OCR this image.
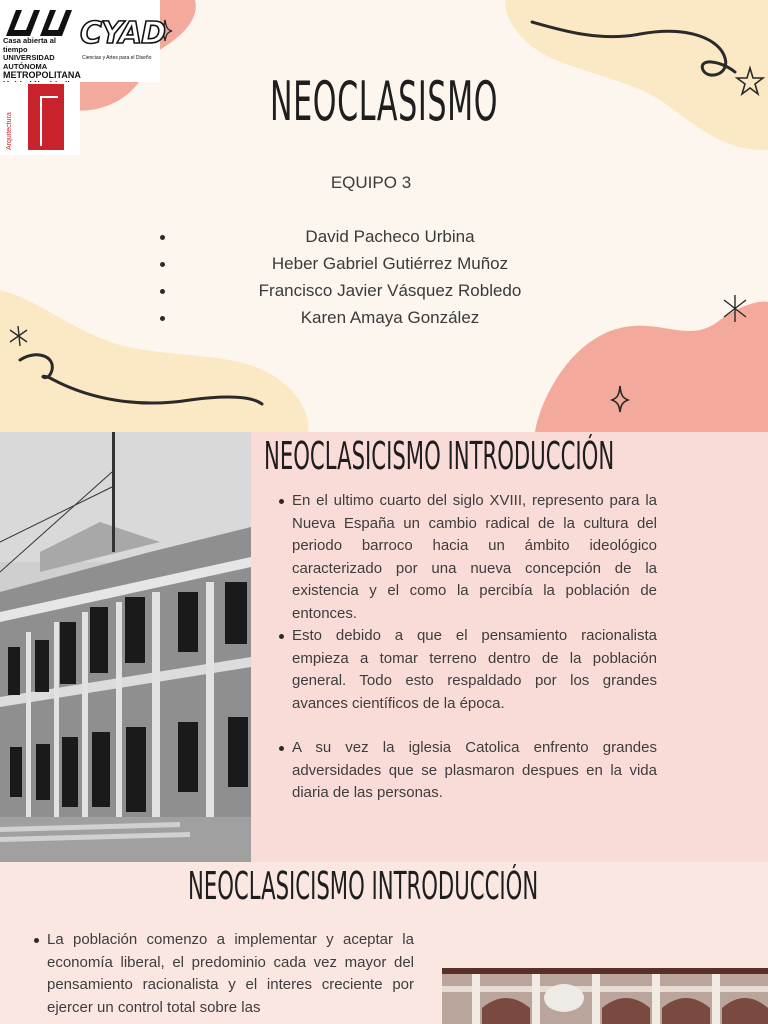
Casa abierta al tiempo
UNIVERSIDAD AUTÓNOMA
METROPOLITANA
CYAD
Ciencias y Artes para el Diseño
Arquitectura	NEOCLASISMO
EQUIPO 3
David Pacheco Urbina
Heber Gabriel Gutiérrez Muñoz
Francisco Javier Vásquez Robledo
Karen Amaya González
NEOCLASICISMO INTRODUCCIÓN
En el ultimo cuarto del siglo XVIII, represento para la Nueva España un cambio radical de la cultura del periodo barroco hacia un ámbito ideológico caracterizado por una nueva concepción de la existencia y el como la percibía la población de entonces.
Esto debido a que el pensamiento racionalista empieza a tomar terreno dentro de la población general. Todo esto respaldado por los grandes avances científicos de la época.
A su vez la iglesia Catolica enfrento grandes adversidades que se plasmaron despues en la vida diaria de las personas.
NEOCLASICISMO INTRODUCCIÓN
La población comenzo a implementar y aceptar la economía liberal, el predominio cada vez mayor del pensamiento racionalista y el interes creciente por ejercer un control total sobre las
